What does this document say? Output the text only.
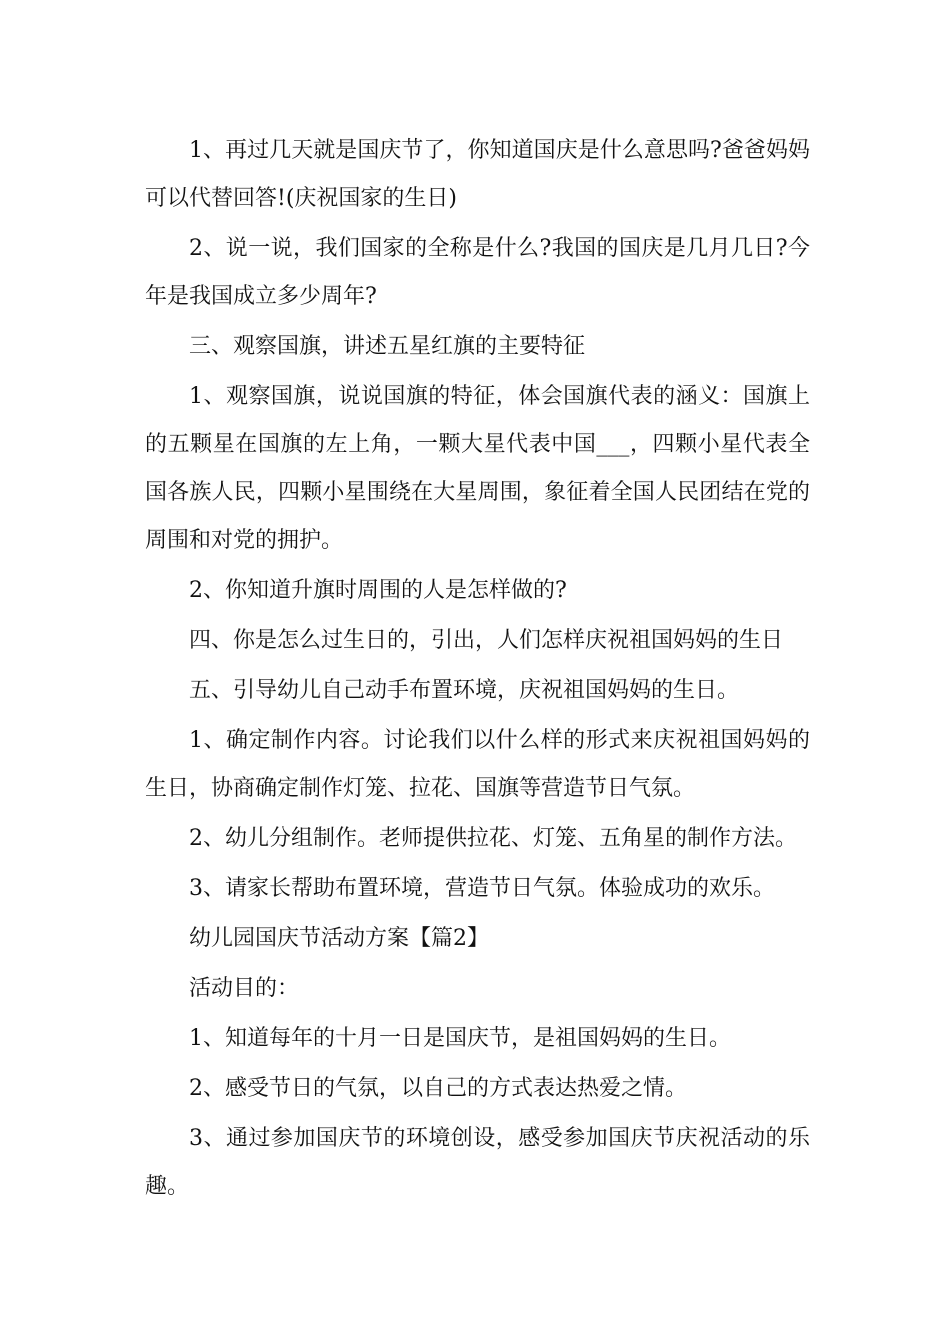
1、再过几天就是国庆节了，你知道国庆是什么意思吗?爸爸妈妈可以代替回答!(庆祝国家的生日)

2、说一说，我们国家的全称是什么?我国的国庆是几月几日?今年是我国成立多少周年?

三、观察国旗，讲述五星红旗的主要特征

1、观察国旗，说说国旗的特征，体会国旗代表的涵义：国旗上的五颗星在国旗的左上角，一颗大星代表中国___，四颗小星代表全国各族人民，四颗小星围绕在大星周围，象征着全国人民团结在党的周围和对党的拥护。

2、你知道升旗时周围的人是怎样做的?

四、你是怎么过生日的，引出，人们怎样庆祝祖国妈妈的生日

五、引导幼儿自己动手布置环境，庆祝祖国妈妈的生日。

1、确定制作内容。讨论我们以什么样的形式来庆祝祖国妈妈的生日，协商确定制作灯笼、拉花、国旗等营造节日气氛。

2、幼儿分组制作。老师提供拉花、灯笼、五角星的制作方法。

3、请家长帮助布置环境，营造节日气氛。体验成功的欢乐。

幼儿园国庆节活动方案【篇2】

活动目的：

1、知道每年的十月一日是国庆节，是祖国妈妈的生日。

2、感受节日的气氛，以自己的方式表达热爱之情。

3、通过参加国庆节的环境创设，感受参加国庆节庆祝活动的乐趣。
